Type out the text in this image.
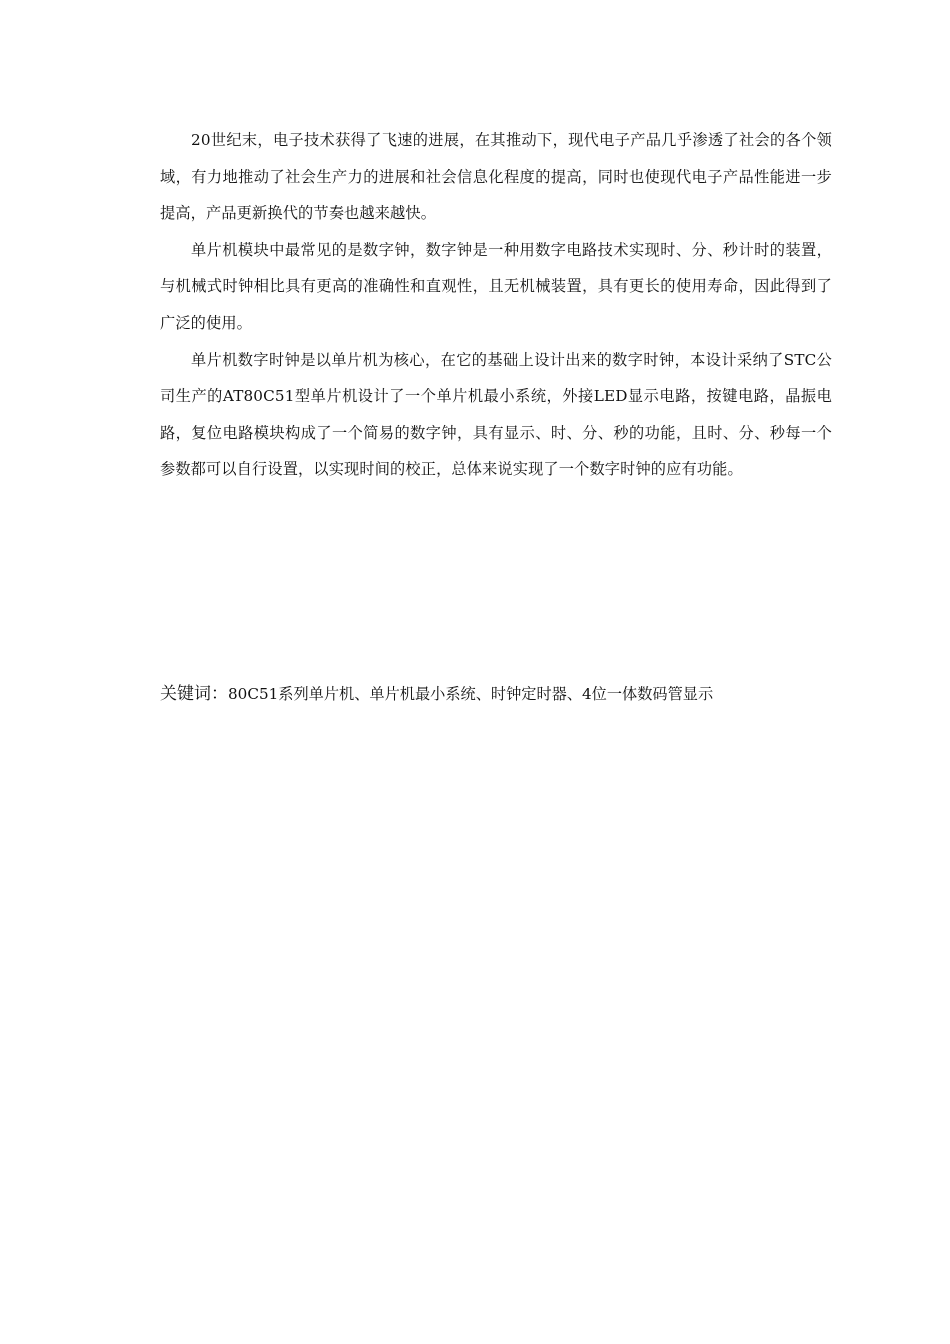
20世纪末，电子技术获得了飞速的进展，在其推动下，现代电子产品几乎渗透了社会的各个领域，有力地推动了社会生产力的进展和社会信息化程度的提高，同时也使现代电子产品性能进一步提高，产品更新换代的节奏也越来越快。

单片机模块中最常见的是数字钟，数字钟是一种用数字电路技术实现时、分、秒计时的装置，与机械式时钟相比具有更高的准确性和直观性，且无机械装置，具有更长的使用寿命，因此得到了广泛的使用。

单片机数字时钟是以单片机为核心，在它的基础上设计出来的数字时钟，本设计采纳了STC公司生产的AT80C51型单片机设计了一个单片机最小系统，外接LED显示电路，按键电路，晶振电路，复位电路模块构成了一个简易的数字钟，具有显示、时、分、秒的功能，且时、分、秒每一个参数都可以自行设置，以实现时间的校正，总体来说实现了一个数字时钟的应有功能。

关键词：80C51系列单片机、单片机最小系统、时钟定时器、4位一体数码管显示
